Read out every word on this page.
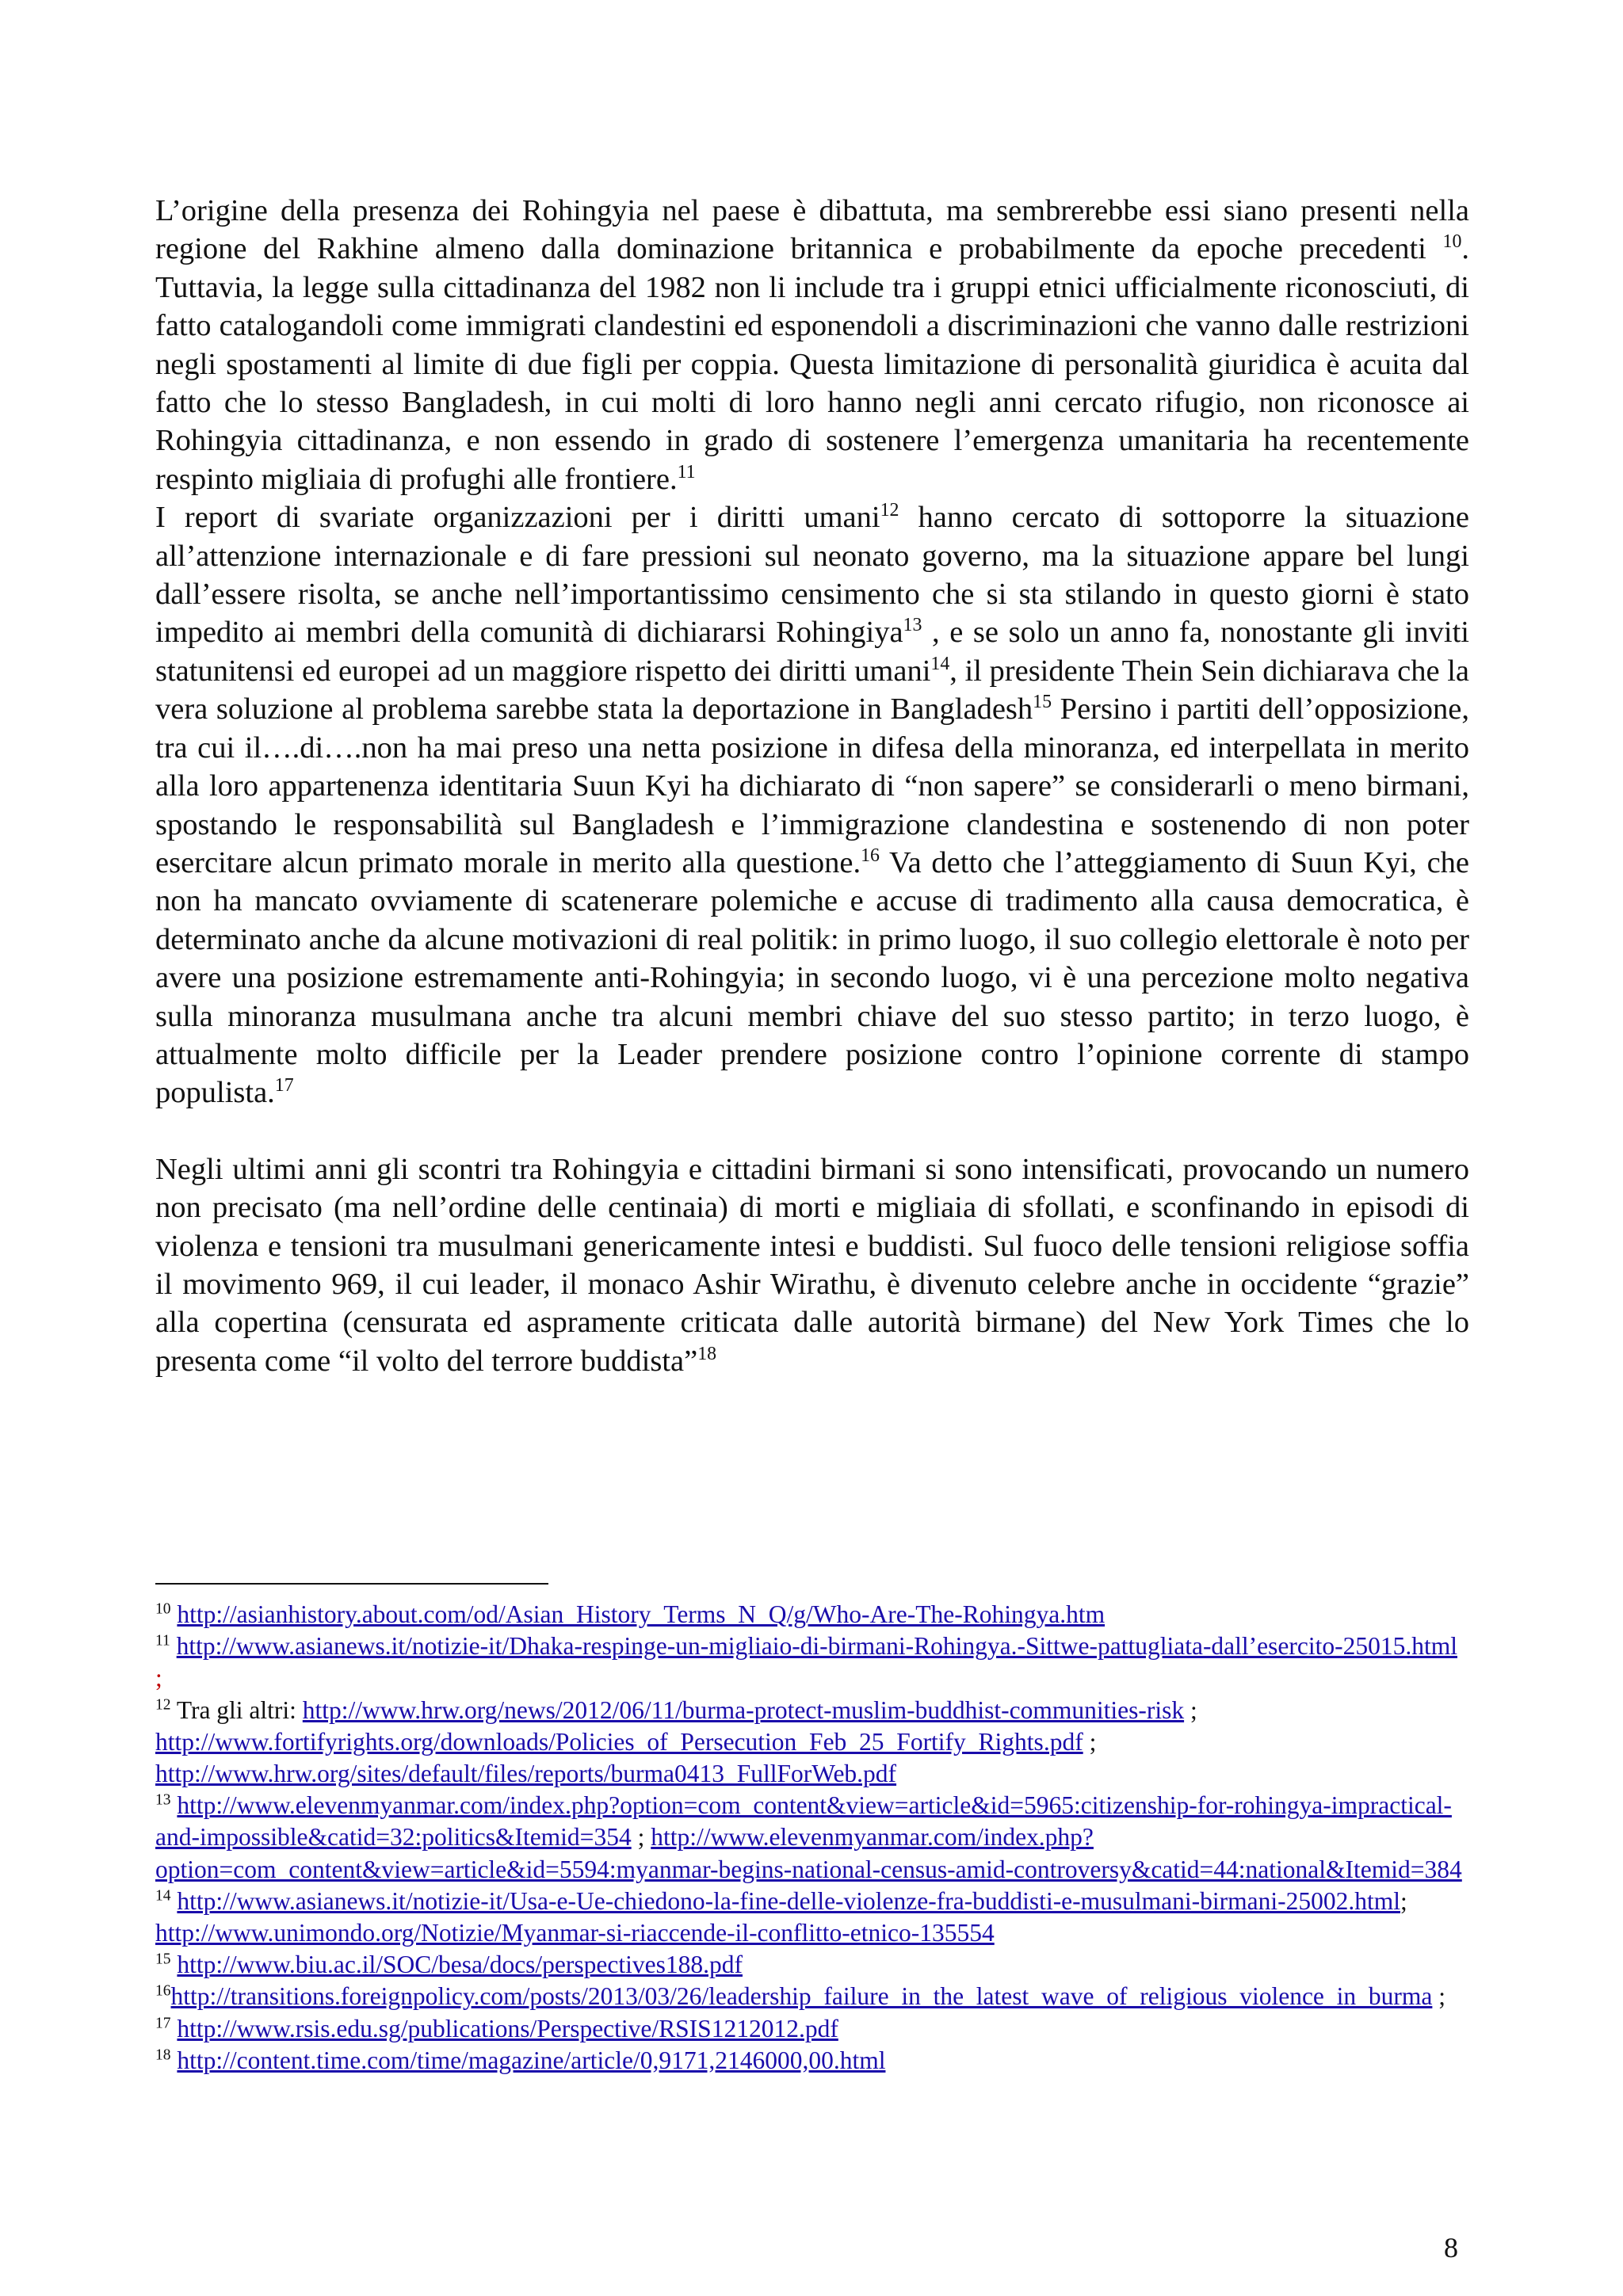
L’origine della presenza dei Rohingyia nel paese è dibattuta, ma sembrerebbe essi siano presenti nella regione del Rakhine almeno dalla dominazione britannica e probabilmente da epoche precedenti $^{10}$. Tuttavia, la legge sulla cittadinanza del 1982 non li include tra i gruppi etnici ufficialmente riconosciuti, di fatto catalogandoli come immigrati clandestini ed esponendoli a discriminazioni che vanno dalle restrizioni negli spostamenti al limite di due figli per coppia. Questa limitazione di personalità giuridica è acuita dal fatto che lo stesso Bangladesh, in cui molti di loro hanno negli anni cercato rifugio, non riconosce ai Rohingyia cittadinanza, e non essendo in grado di sostenere l’emergenza umanitaria ha recentemente respinto migliaia di profughi alle frontiere.$^{11}$

I report di svariate organizzazioni per i diritti umani$^{12}$ hanno cercato di sottoporre la situazione all’attenzione internazionale e di fare pressioni sul neonato governo, ma la situazione appare bel lungi dall’essere risolta, se anche nell’importantissimo censimento che si sta stilando in questo giorni è stato impedito ai membri della comunità di dichiararsi Rohingiya$^{13}$ , e se solo un anno fa, nonostante gli inviti statunitensi ed europei ad un maggiore rispetto dei diritti umani$^{14}$, il presidente Thein Sein dichiarava che la vera soluzione al problema sarebbe stata la deportazione in Bangladesh$^{15}$ Persino i partiti dell’opposizione, tra cui il….di….non ha mai preso una netta posizione in difesa della minoranza, ed interpellata in merito alla loro appartenenza identitaria Suun Kyi ha dichiarato di “non sapere” se considerarli o meno birmani, spostando le responsabilità sul Bangladesh e l’immigrazione clandestina e sostenendo di non poter esercitare alcun primato morale in merito alla questione.$^{16}$ Va detto che l’atteggiamento di Suun Kyi, che non ha mancato ovviamente di scatenerare polemiche e accuse di tradimento alla causa democratica, è determinato anche da alcune motivazioni di real politik: in primo luogo, il suo collegio elettorale è noto per avere una posizione estremamente anti-Rohingyia; in secondo luogo, vi è una percezione molto negativa sulla minoranza musulmana anche tra alcuni membri chiave del suo stesso partito; in terzo luogo, è attualmente molto difficile per la Leader prendere posizione contro l’opinione corrente di stampo populista.$^{17}$

Negli ultimi anni gli scontri tra Rohingyia e cittadini birmani si sono intensificati, provocando un numero non precisato (ma nell’ordine delle centinaia) di morti e migliaia di sfollati, e sconfinando in episodi di violenza e tensioni tra musulmani genericamente intesi e buddisti. Sul fuoco delle tensioni religiose soffia il movimento 969, il cui leader, il monaco Ashir Wirathu, è divenuto celebre anche in occidente “grazie” alla copertina (censurata ed aspramente criticata dalle autorità birmane) del New York Times che lo presenta come “il volto del terrore buddista”$^{18}$

$^{10}$ http://asianhistory.about.com/od/Asian_History_Terms_N_Q/g/Who-Are-The-Rohingya.htm

$^{11}$ http://www.asianews.it/notizie-it/Dhaka-respinge-un-migliaio-di-birmani-Rohingya.-Sittwe-pattugliata-dall’esercito-25015.html ;

$^{12}$ Tra gli altri: http://www.hrw.org/news/2012/06/11/burma-protect-muslim-buddhist-communities-risk ; http://www.fortifyrights.org/downloads/Policies_of_Persecution_Feb_25_Fortify_Rights.pdf ; http://www.hrw.org/sites/default/files/reports/burma0413_FullForWeb.pdf

$^{13}$ http://www.elevenmyanmar.com/index.php?option=com_content&view=article&id=5965:citizenship-for-rohingya-impractical-and-impossible&catid=32:politics&Itemid=354 ; http://www.elevenmyanmar.com/index.php?option=com_content&view=article&id=5594:myanmar-begins-national-census-amid-controversy&catid=44:national&Itemid=384

$^{14}$ http://www.asianews.it/notizie-it/Usa-e-Ue-chiedono-la-fine-delle-violenze-fra-buddisti-e-musulmani-birmani-25002.html; http://www.unimondo.org/Notizie/Myanmar-si-riaccende-il-conflitto-etnico-135554

$^{15}$ http://www.biu.ac.il/SOC/besa/docs/perspectives188.pdf

$^{16}$http://transitions.foreignpolicy.com/posts/2013/03/26/leadership_failure_in_the_latest_wave_of_religious_violence_in_burma ;

$^{17}$ http://www.rsis.edu.sg/publications/Perspective/RSIS1212012.pdf

$^{18}$ http://content.time.com/time/magazine/article/0,9171,2146000,00.html

8
